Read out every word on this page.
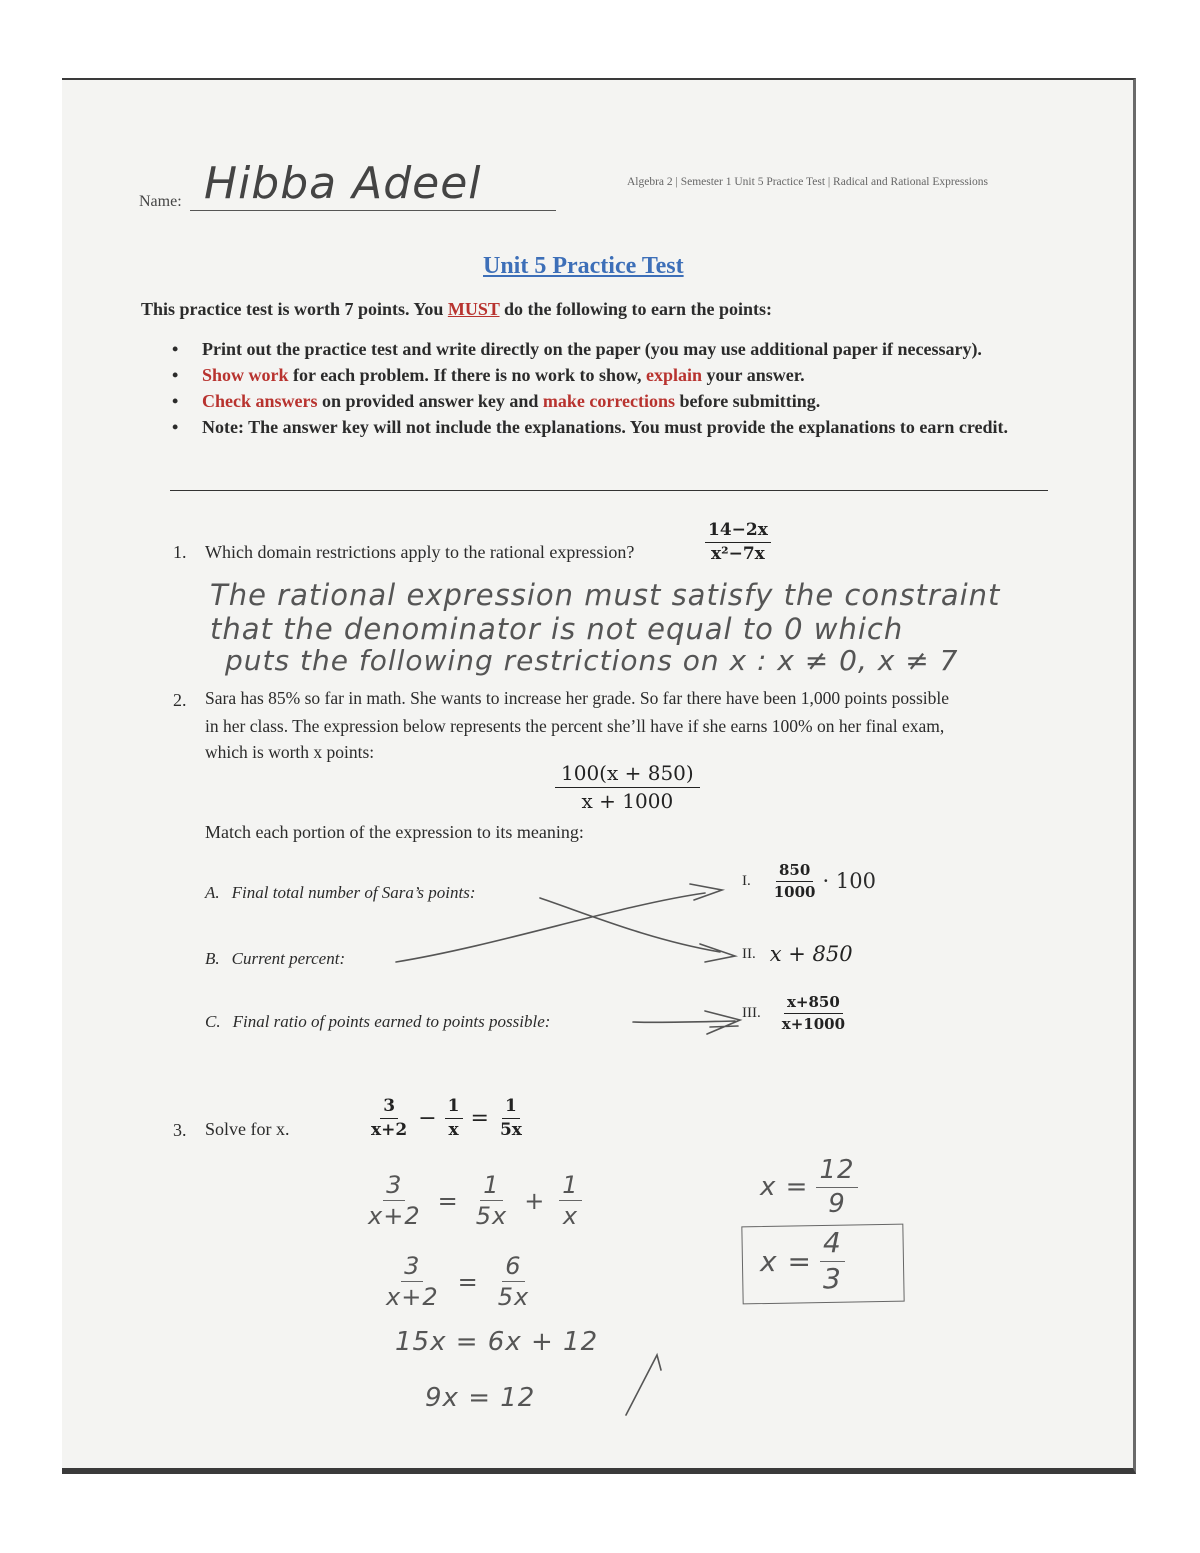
Name: Hibba Adeel	Algebra 2 | Semester 1 Unit 5 Practice Test | Radical and Rational Expressions
Unit 5 Practice Test
This practice test is worth 7 points. You MUST do the following to earn the points:
• Print out the practice test and write directly on the paper (you may use additional paper if necessary).
• Show work for each problem. If there is no work to show, explain your answer.
• Check answers on provided answer key and make corrections before submitting.
• Note: The answer key will not include the explanations. You must provide the explanations to earn credit.
1. Which domain restrictions apply to the rational expression?	$\frac{14-2x}{\text{x²−7x}}$
The rational expression must satisfy the constraint
that the denominator is not equal to 0 which
puts the following restrictions on x : x ≠ 0, x ≠ 7
2. Sara has 85% so far in math. She wants to increase her grade. So far there have been 1,000 points possible
in her class. The expression below represents the percent she’ll have if she earns 100% on her final exam,
which is worth x points:
$\frac{100(x + 850)}{x + 1000}$
Match each portion of the expression to its meaning:
A. Final total number of Sara’s points:
B. Current percent:
C. Final ratio of points earned to points possible:
I. $\frac{850}{1000} \cdot 100$
II. x + 850
III. $\frac{x+850}{x+1000}$
3. Solve for x.	$\frac{3}{x+2} - \frac{1}{x} = \frac{1}{5x}$
$\frac{3}{x+2} = \frac{1}{5x} + \frac{1}{x}$
$\frac{3}{x+2} = \frac{6}{5x}$
15x = 6x + 12
9x = 12
$x = \frac{12}{9}$
$x = \frac{4}{3}$
